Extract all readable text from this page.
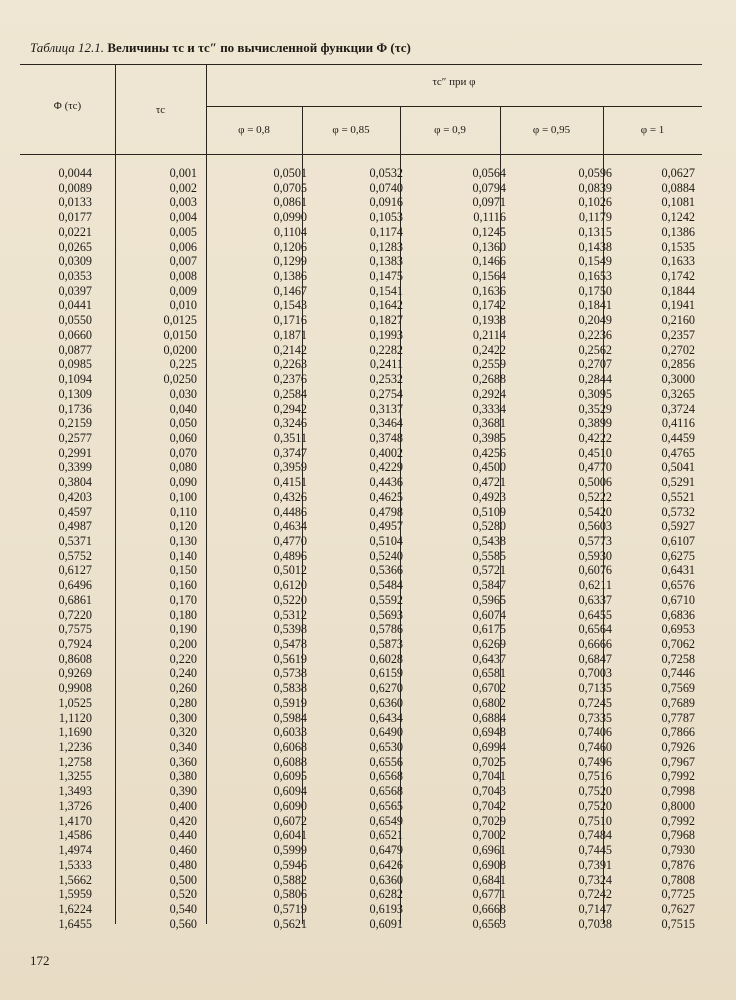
Таблица 12.1. Величины τс и τс″ по вычисленной функции Φ (τс)
Φ (τс)	τс
τс″ при φ
φ = 0,8	φ = 0,85	φ = 0,9	φ = 0,95	φ = 1
0,0044	0,001	0,0501	0,0532	0,0564	0,0596	0,0627
0,0089	0,002	0,0705	0,0740	0,0794	0,0839	0,0884
0,0133	0,003	0,0861	0,0916	0,0971	0,1026	0,1081
0,0177	0,004	0,0990	0,1053	0,1116	0,1179	0,1242
0,0221	0,005	0,1104	0,1174	0,1245	0,1315	0,1386
0,0265	0,006	0,1206	0,1283	0,1360	0,1438	0,1535
0,0309	0,007	0,1299	0,1383	0,1466	0,1549	0,1633
0,0353	0,008	0,1386	0,1475	0,1564	0,1653	0,1742
0,0397	0,009	0,1467	0,1541	0,1636	0,1750	0,1844
0,0441	0,010	0,1543	0,1642	0,1742	0,1841	0,1941
0,0550	0,0125	0,1716	0,1827	0,1938	0,2049	0,2160
0,0660	0,0150	0,1871	0,1993	0,2114	0,2236	0,2357
0,0877	0,0200	0,2142	0,2282	0,2422	0,2562	0,2702
0,0985	0,225	0,2263	0,2411	0,2559	0,2707	0,2856
0,1094	0,0250	0,2376	0,2532	0,2688	0,2844	0,3000
0,1309	0,030	0,2584	0,2754	0,2924	0,3095	0,3265
0,1736	0,040	0,2942	0,3137	0,3334	0,3529	0,3724
0,2159	0,050	0,3246	0,3464	0,3681	0,3899	0,4116
0,2577	0,060	0,3511	0,3748	0,3985	0,4222	0,4459
0,2991	0,070	0,3747	0,4002	0,4256	0,4510	0,4765
0,3399	0,080	0,3959	0,4229	0,4500	0,4770	0,5041
0,3804	0,090	0,4151	0,4436	0,4721	0,5006	0,5291
0,4203	0,100	0,4326	0,4625	0,4923	0,5222	0,5521
0,4597	0,110	0,4486	0,4798	0,5109	0,5420	0,5732
0,4987	0,120	0,4634	0,4957	0,5280	0,5603	0,5927
0,5371	0,130	0,4770	0,5104	0,5438	0,5773	0,6107
0,5752	0,140	0,4896	0,5240	0,5585	0,5930	0,6275
0,6127	0,150	0,5012	0,5366	0,5721	0,6076	0,6431
0,6496	0,160	0,6120	0,5484	0,5847	0,6211	0,6576
0,6861	0,170	0,5220	0,5592	0,5965	0,6337	0,6710
0,7220	0,180	0,5312	0,5693	0,6074	0,6455	0,6836
0,7575	0,190	0,5398	0,5786	0,6175	0,6564	0,6953
0,7924	0,200	0,5478	0,5873	0,6269	0,6666	0,7062
0,8608	0,220	0,5619	0,6028	0,6437	0,6847	0,7258
0,9269	0,240	0,5738	0,6159	0,6581	0,7003	0,7446
0,9908	0,260	0,5838	0,6270	0,6702	0,7135	0,7569
1,0525	0,280	0,5919	0,6360	0,6802	0,7245	0,7689
1,1120	0,300	0,5984	0,6434	0,6884	0,7335	0,7787
1,1690	0,320	0,6033	0,6490	0,6948	0,7406	0,7866
1,2236	0,340	0,6068	0,6530	0,6994	0,7460	0,7926
1,2758	0,360	0,6088	0,6556	0,7025	0,7496	0,7967
1,3255	0,380	0,6095	0,6568	0,7041	0,7516	0,7992
1,3493	0,390	0,6094	0,6568	0,7043	0,7520	0,7998
1,3726	0,400	0,6090	0,6565	0,7042	0,7520	0,8000
1,4170	0,420	0,6072	0,6549	0,7029	0,7510	0,7992
1,4586	0,440	0,6041	0,6521	0,7002	0,7484	0,7968
1,4974	0,460	0,5999	0,6479	0,6961	0,7445	0,7930
1,5333	0,480	0,5946	0,6426	0,6908	0,7391	0,7876
1,5662	0,500	0,5882	0,6360	0,6841	0,7324	0,7808
1,5959	0,520	0,5806	0,6282	0,6771	0,7242	0,7725
1,6224	0,540	0,5719	0,6193	0,6668	0,7147	0,7627
1,6455	0,560	0,5621	0,6091	0,6563	0,7038	0,7515
172
